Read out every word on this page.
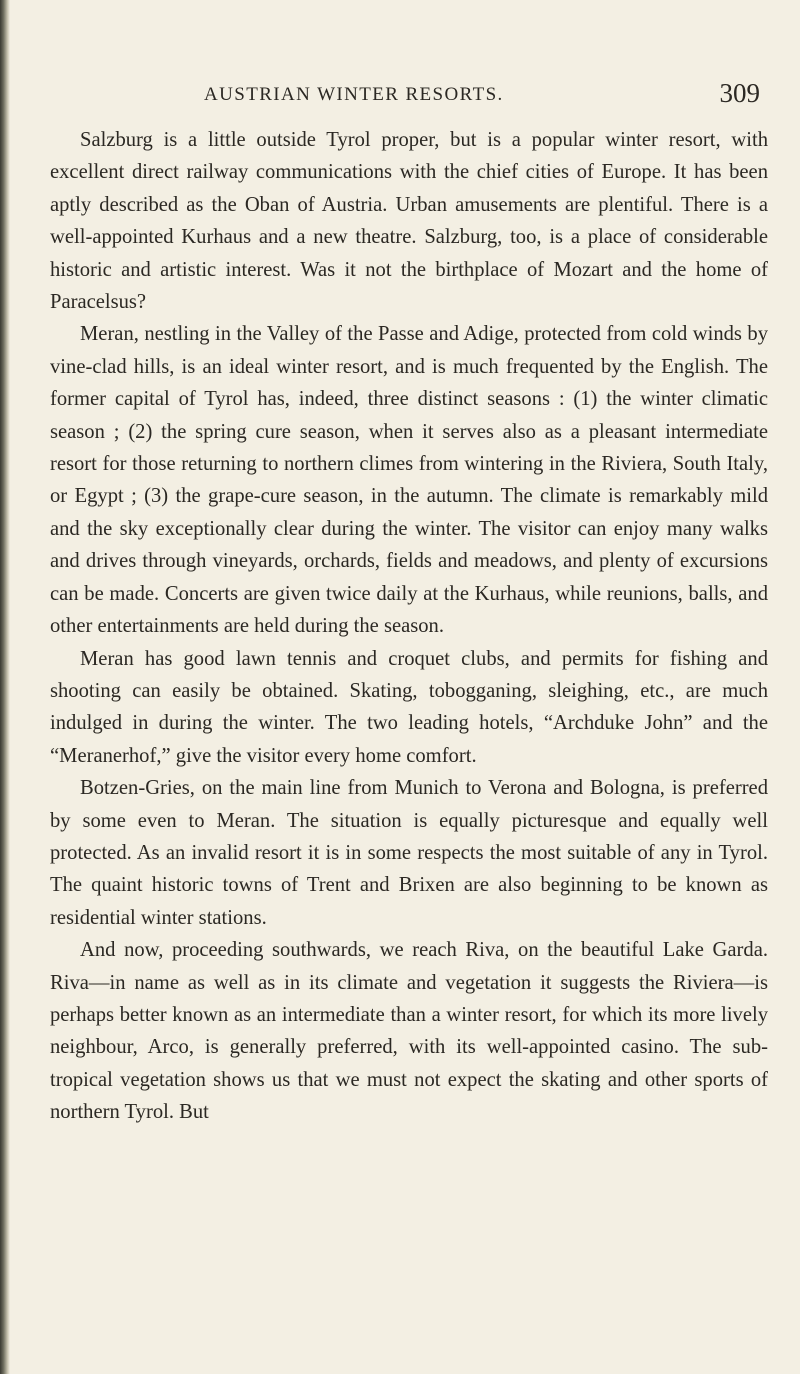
AUSTRIAN WINTER RESORTS.	309

Salzburg is a little outside Tyrol proper, but is a popular winter resort, with excellent direct railway communications with the chief cities of Europe. It has been aptly described as the Oban of Austria. Urban amusements are plentiful. There is a well-appointed Kurhaus and a new theatre. Salzburg, too, is a place of considerable historic and artistic interest. Was it not the birthplace of Mozart and the home of Paracelsus?

Meran, nestling in the Valley of the Passe and Adige, protected from cold winds by vine-clad hills, is an ideal winter resort, and is much frequented by the English. The former capital of Tyrol has, indeed, three distinct seasons : (1) the winter climatic season ; (2) the spring cure season, when it serves also as a pleasant intermediate resort for those returning to northern climes from wintering in the Riviera, South Italy, or Egypt ; (3) the grape-cure season, in the autumn. The climate is remarkably mild and the sky exceptionally clear during the winter. The visitor can enjoy many walks and drives through vineyards, orchards, fields and meadows, and plenty of excursions can be made. Concerts are given twice daily at the Kurhaus, while reunions, balls, and other entertainments are held during the season.

Meran has good lawn tennis and croquet clubs, and permits for fishing and shooting can easily be obtained. Skating, tobogganing, sleighing, etc., are much indulged in during the winter. The two leading hotels, “Archduke John” and the “Meranerhof,” give the visitor every home comfort.

Botzen-Gries, on the main line from Munich to Verona and Bologna, is preferred by some even to Meran. The situation is equally picturesque and equally well protected. As an invalid resort it is in some respects the most suitable of any in Tyrol. The quaint historic towns of Trent and Brixen are also beginning to be known as residential winter stations.

And now, proceeding southwards, we reach Riva, on the beautiful Lake Garda. Riva—in name as well as in its climate and vegetation it suggests the Riviera—is perhaps better known as an intermediate than a winter resort, for which its more lively neighbour, Arco, is generally preferred, with its well-appointed casino. The sub-tropical vegetation shows us that we must not expect the skating and other sports of northern Tyrol. But
